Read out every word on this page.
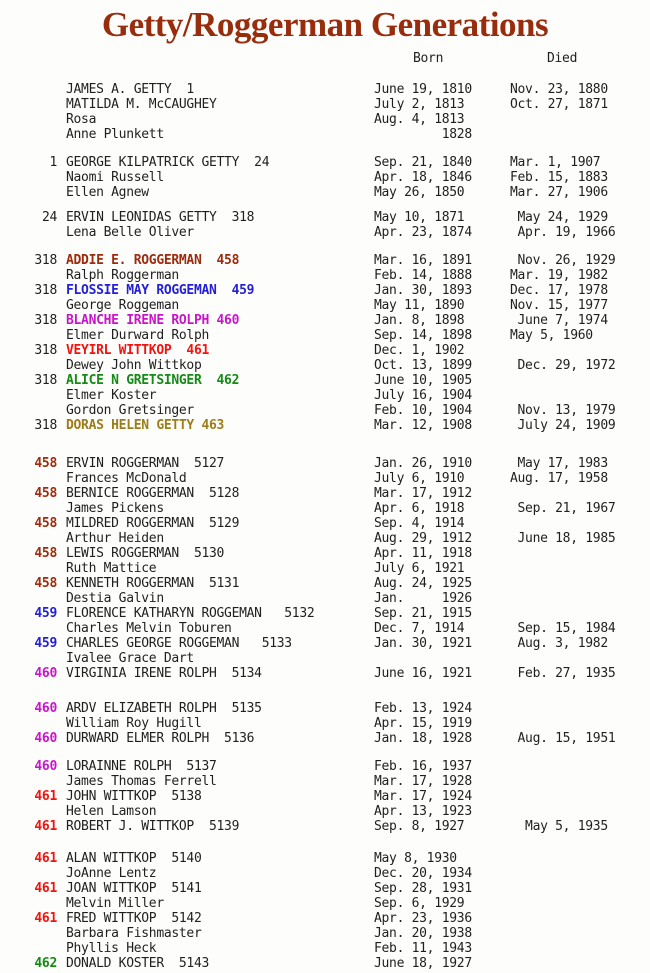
Getty/Roggerman Generations
Born	Died
JAMES A. GETTY  1	June 19, 1810	Nov. 23, 1880
MATILDA M. McCAUGHEY	July 2, 1813	Oct. 27, 1871
Rosa	Aug. 4, 1813
Anne Plunkett	1828
1 GEORGE KILPATRICK GETTY  24	Sep. 21, 1840	Mar. 1, 1907
Naomi Russell	Apr. 18, 1846	Feb. 15, 1883
Ellen Agnew	May 26, 1850	Mar. 27, 1906
24 ERVIN LEONIDAS GETTY  318	May 10, 1871	May 24, 1929
Lena Belle Oliver	Apr. 23, 1874	Apr. 19, 1966
318 ADDIE E. ROGGERMAN  458	Mar. 16, 1891	Nov. 26, 1929
Ralph Roggerman	Feb. 14, 1888	Mar. 19, 1982
318 FLOSSIE MAY ROGGEMAN  459	Jan. 30, 1893	Dec. 17, 1978
George Roggeman	May 11, 1890	Nov. 15, 1977
318 BLANCHE IRENE ROLPH 460	Jan. 8, 1898	June 7, 1974
Elmer Durward Rolph	Sep. 14, 1898	May 5, 1960
318 VEYIRL WITTKOP  461	Dec. 1, 1902
Dewey John Wittkop	Oct. 13, 1899	Dec. 29, 1972
318 ALICE N GRETSINGER  462	June 10, 1905
Elmer Koster	July 16, 1904
Gordon Gretsinger	Feb. 10, 1904	Nov. 13, 1979
318 DORAS HELEN GETTY 463	Mar. 12, 1908	July 24, 1909
458 ERVIN ROGGERMAN  5127	Jan. 26, 1910	May 17, 1983
Frances McDonald	July 6, 1910	Aug. 17, 1958
458 BERNICE ROGGERMAN  5128	Mar. 17, 1912
James Pickens	Apr. 6, 1918	Sep. 21, 1967
458 MILDRED ROGGERMAN  5129	Sep. 4, 1914
Arthur Heiden	Aug. 29, 1912	June 18, 1985
458 LEWIS ROGGERMAN  5130	Apr. 11, 1918
Ruth Mattice	July 6, 1921
458 KENNETH ROGGERMAN  5131	Aug. 24, 1925
Destia Galvin	Jan.     1926
459 FLORENCE KATHARYN ROGGEMAN   5132	Sep. 21, 1915
Charles Melvin Toburen	Dec. 7, 1914	Sep. 15, 1984
459 CHARLES GEORGE ROGGEMAN   5133	Jan. 30, 1921	Aug. 3, 1982
Ivalee Grace Dart
460 VIRGINIA IRENE ROLPH  5134	June 16, 1921	Feb. 27, 1935
460 ARDV ELIZABETH ROLPH  5135	Feb. 13, 1924
William Roy Hugill	Apr. 15, 1919
460 DURWARD ELMER ROLPH  5136	Jan. 18, 1928	Aug. 15, 1951
460 LORAINNE ROLPH  5137	Feb. 16, 1937
James Thomas Ferrell	Mar. 17, 1928
461 JOHN WITTKOP  5138	Mar. 17, 1924
Helen Lamson	Apr. 13, 1923
461 ROBERT J. WITTKOP  5139	Sep. 8, 1927	May 5, 1935
461 ALAN WITTKOP  5140	May 8, 1930
JoAnne Lentz	Dec. 20, 1934
461 JOAN WITTKOP  5141	Sep. 28, 1931
Melvin Miller	Sep. 6, 1929
461 FRED WITTKOP  5142	Apr. 23, 1936
Barbara Fishmaster	Jan. 20, 1938
Phyllis Heck	Feb. 11, 1943
462 DONALD KOSTER  5143	June 18, 1927
